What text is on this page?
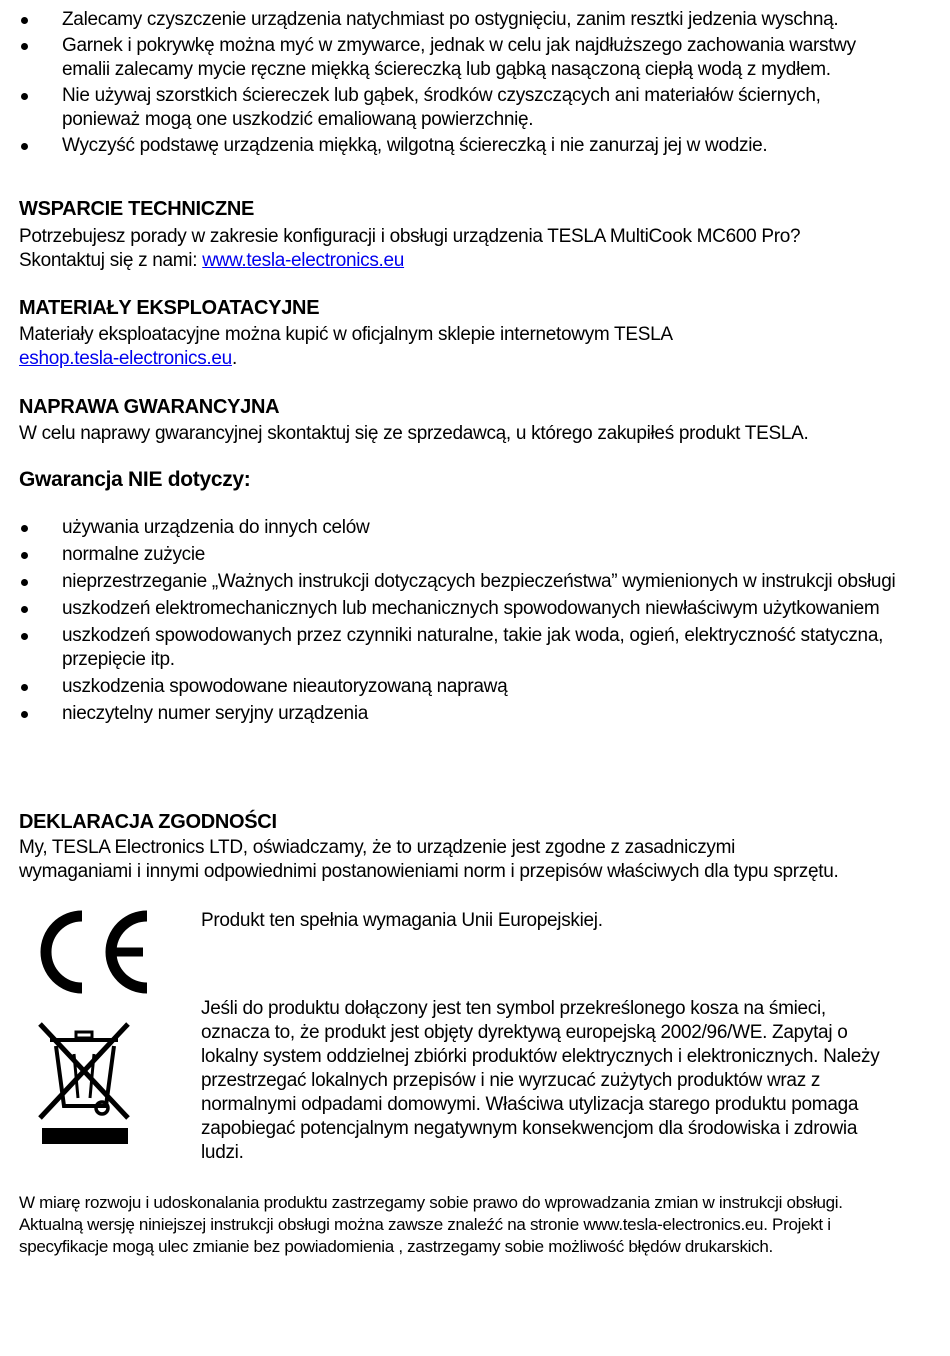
Zalecamy czyszczenie urządzenia natychmiast po ostygnięciu, zanim resztki jedzenia wyschną.
Garnek i pokrywkę można myć w zmywarce, jednak w celu jak najdłuższego zachowania warstwy emalii zalecamy mycie ręczne miękką ściereczką lub gąbką nasączoną ciepłą wodą z mydłem.
Nie używaj szorstkich ściereczek lub gąbek, środków czyszczących ani materiałów ściernych, ponieważ mogą one uszkodzić emaliowaną powierzchnię.
Wyczyść podstawę urządzenia miękką, wilgotną ściereczką i nie zanurzaj jej w wodzie.
WSPARCIE TECHNICZNE
Potrzebujesz porady w zakresie konfiguracji i obsługi urządzenia TESLA MultiCook MC600 Pro?
Skontaktuj się z nami: www.tesla-electronics.eu
MATERIAŁY EKSPLOATACYJNE
Materiały eksploatacyjne można kupić w oficjalnym sklepie internetowym TESLA
eshop.tesla-electronics.eu.
NAPRAWA GWARANCYJNA
W celu naprawy gwarancyjnej skontaktuj się ze sprzedawcą, u którego zakupiłeś produkt TESLA.
Gwarancja NIE dotyczy:
używania urządzenia do innych celów
normalne zużycie
nieprzestrzeganie „Ważnych instrukcji dotyczących bezpieczeństwa” wymienionych w instrukcji obsługi
uszkodzeń elektromechanicznych lub mechanicznych spowodowanych niewłaściwym użytkowaniem
uszkodzeń spowodowanych przez czynniki naturalne, takie jak woda, ogień, elektryczność statyczna, przepięcie itp.
uszkodzenia spowodowane nieautoryzowaną naprawą
nieczytelny numer seryjny urządzenia
DEKLARACJA ZGODNOŚCI
My, TESLA Electronics LTD, oświadczamy, że to urządzenie jest zgodne z zasadniczymi wymaganiami i innymi odpowiednimi postanowieniami norm i przepisów właściwych dla typu sprzętu.
Produkt ten spełnia wymagania Unii Europejskiej.
Jeśli do produktu dołączony jest ten symbol przekreślonego kosza na śmieci, oznacza to, że produkt jest objęty dyrektywą europejską 2002/96/WE. Zapytaj o lokalny system oddzielnej zbiórki produktów elektrycznych i elektronicznych. Należy przestrzegać lokalnych przepisów i nie wyrzucać zużytych produktów wraz z normalnymi odpadami domowymi. Właściwa utylizacja starego produktu pomaga zapobiegać potencjalnym negatywnym konsekwencjom dla środowiska i zdrowia ludzi.
W miarę rozwoju i udoskonalania produktu zastrzegamy sobie prawo do wprowadzania zmian w instrukcji obsługi. Aktualną wersję niniejszej instrukcji obsługi można zawsze znaleźć na stronie www.tesla-electronics.eu. Projekt i specyfikacje mogą ulec zmianie bez powiadomienia , zastrzegamy sobie możliwość błędów drukarskich.
